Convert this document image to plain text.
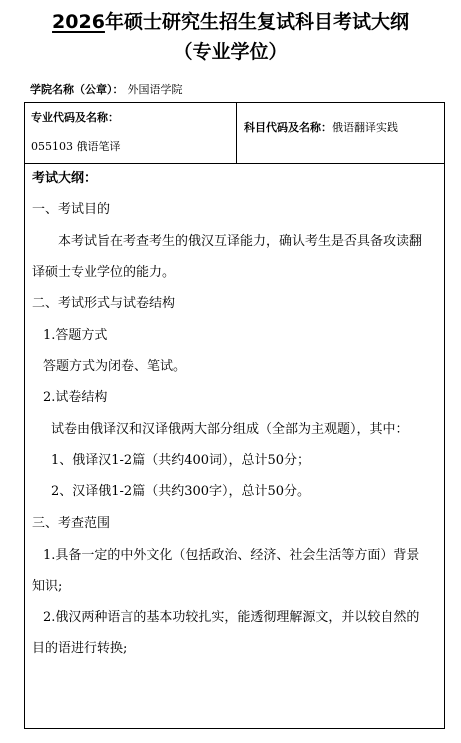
2026年硕士研究生招生复试科目考试大纲
（专业学位）
学院名称（公章）： 外国语学院
专业代码及名称：
055103 俄语笔译
科目代码及名称：俄语翻译实践
考试大纲：
一、考试目的
本考试旨在考查考生的俄汉互译能力，确认考生是否具备攻读翻
译硕士专业学位的能力。
二、考试形式与试卷结构
1.答题方式
答题方式为闭卷、笔试。
2.试卷结构
试卷由俄译汉和汉译俄两大部分组成（全部为主观题），其中：
1、俄译汉1-2篇（共约400词），总计50分；
2、汉译俄1-2篇（共约300字），总计50分。
三、考查范围
1.具备一定的中外文化（包括政治、经济、社会生活等方面）背景
知识;
2.俄汉两种语言的基本功较扎实，能透彻理解源文，并以较自然的
目的语进行转换;
